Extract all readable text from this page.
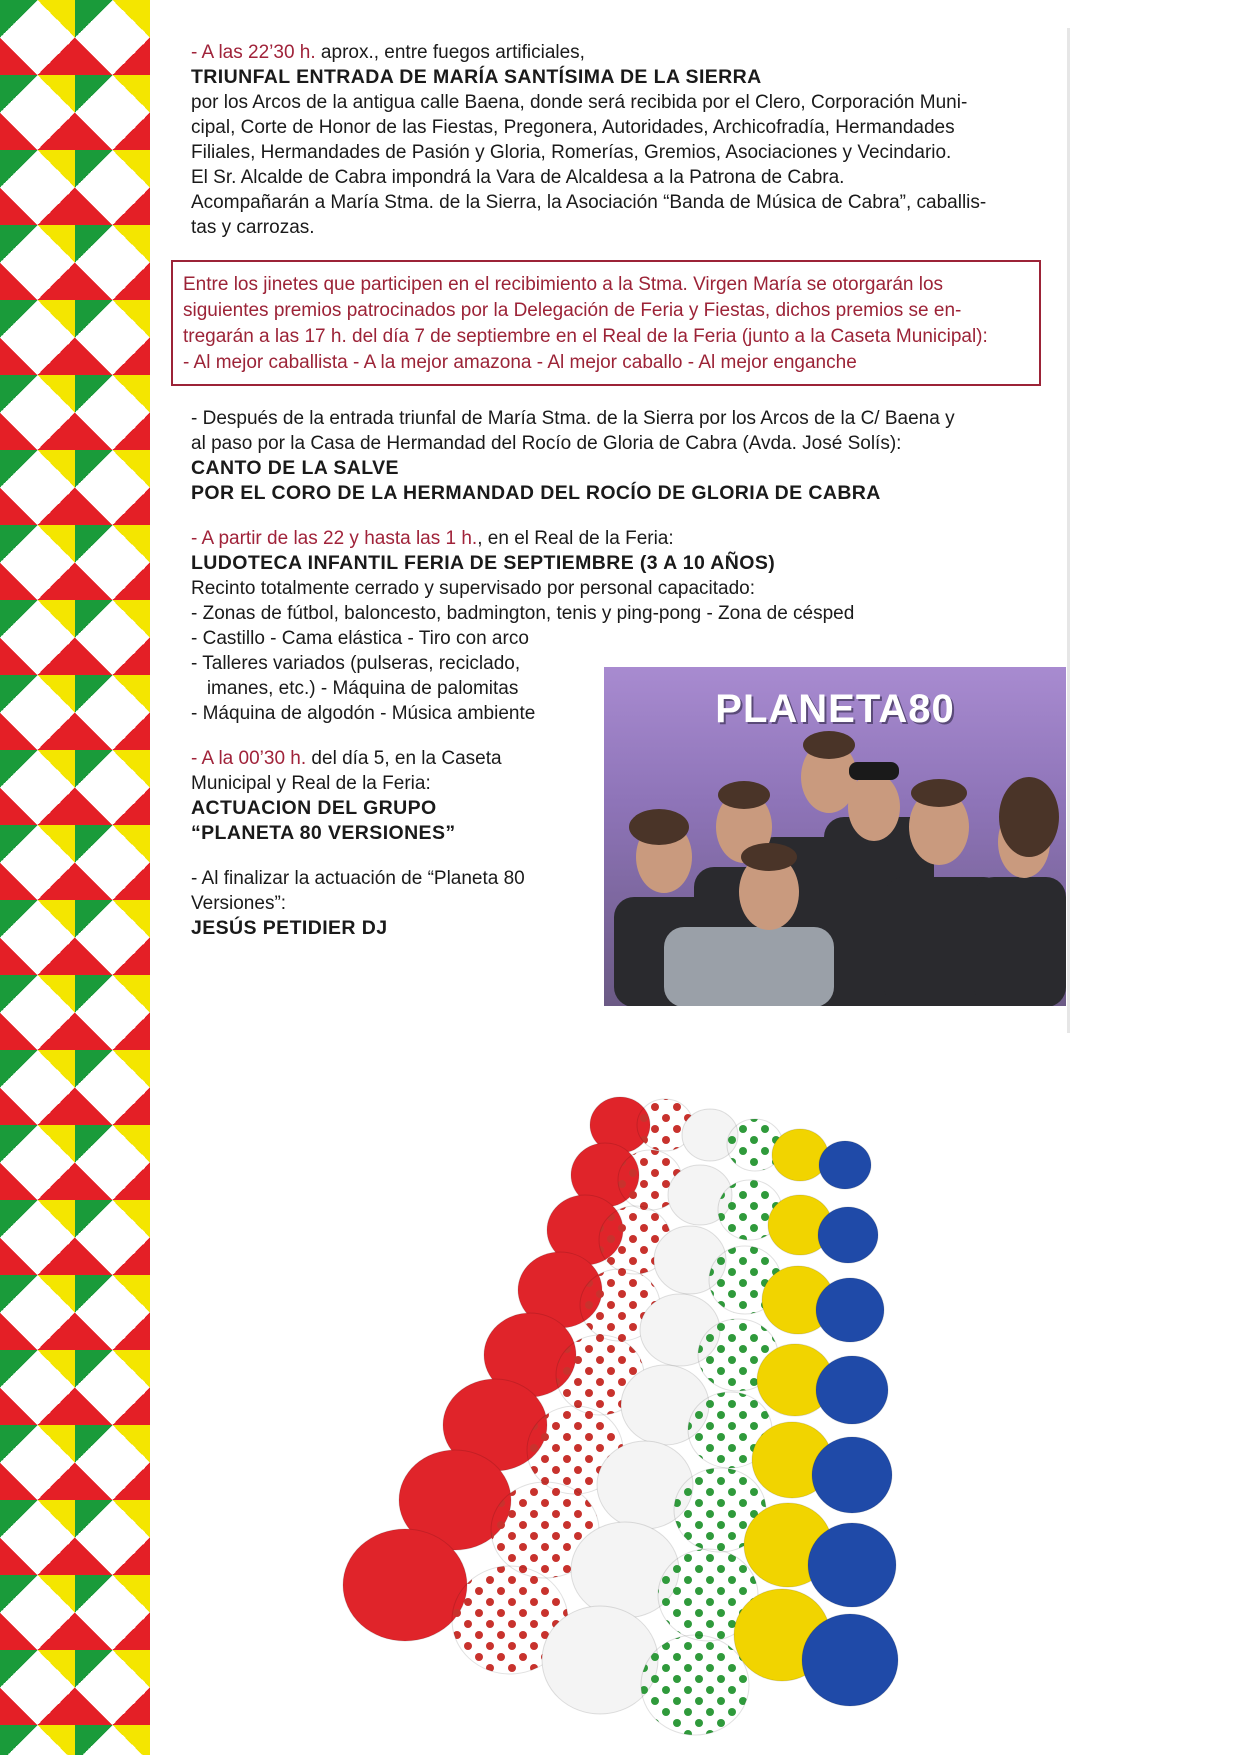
- A las 22’30 h. aprox., entre fuegos artificiales,

TRIUNFAL ENTRADA DE MARÍA SANTÍSIMA DE LA SIERRA

por los Arcos de la antigua calle Baena, donde será recibida por el Clero, Corporación Muni-

cipal, Corte de Honor de las Fiestas, Pregonera, Autoridades, Archicofradía, Hermandades

Filiales, Hermandades de Pasión y Gloria, Romerías, Gremios, Asociaciones y Vecindario.

El Sr. Alcalde de Cabra impondrá la Vara de Alcaldesa a la Patrona de Cabra.

Acompañarán a María Stma. de la Sierra, la Asociación “Banda de Música de Cabra”, caballis-

tas y carrozas.

Entre los jinetes que participen en el recibimiento a la Stma. Virgen María se otorgarán los

siguientes premios patrocinados por la Delegación de Feria y Fiestas, dichos premios se en-

tregarán a las 17 h. del día 7 de septiembre en el Real de la Feria (junto a la Caseta Municipal):

- Al mejor caballista - A la mejor amazona - Al mejor caballo - Al mejor enganche

- Después de la entrada triunfal de María Stma. de la Sierra por los Arcos de la C/ Baena y

al paso por la Casa de Hermandad del Rocío de Gloria de Cabra (Avda. José Solís):

CANTO DE LA SALVE

POR EL CORO DE LA HERMANDAD DEL ROCÍO DE GLORIA DE CABRA

- A partir de las 22 y hasta las 1 h., en el Real de la Feria:

LUDOTECA INFANTIL FERIA DE SEPTIEMBRE (3 A 10 AÑOS)

Recinto totalmente cerrado y supervisado por personal capacitado:

- Zonas de fútbol, baloncesto, badmington, tenis y ping-pong - Zona de césped

- Castillo - Cama elástica - Tiro con arco

- Talleres variados (pulseras, reciclado,

imanes, etc.) - Máquina de palomitas

- Máquina de algodón - Música ambiente

- A la 00’30 h. del día 5, en la Caseta

Municipal y Real de la Feria:

ACTUACION DEL GRUPO

“PLANETA 80 VERSIONES”

- Al finalizar la actuación de “Planeta 80

Versiones”:

JESÚS PETIDIER DJ

PLANETA80
